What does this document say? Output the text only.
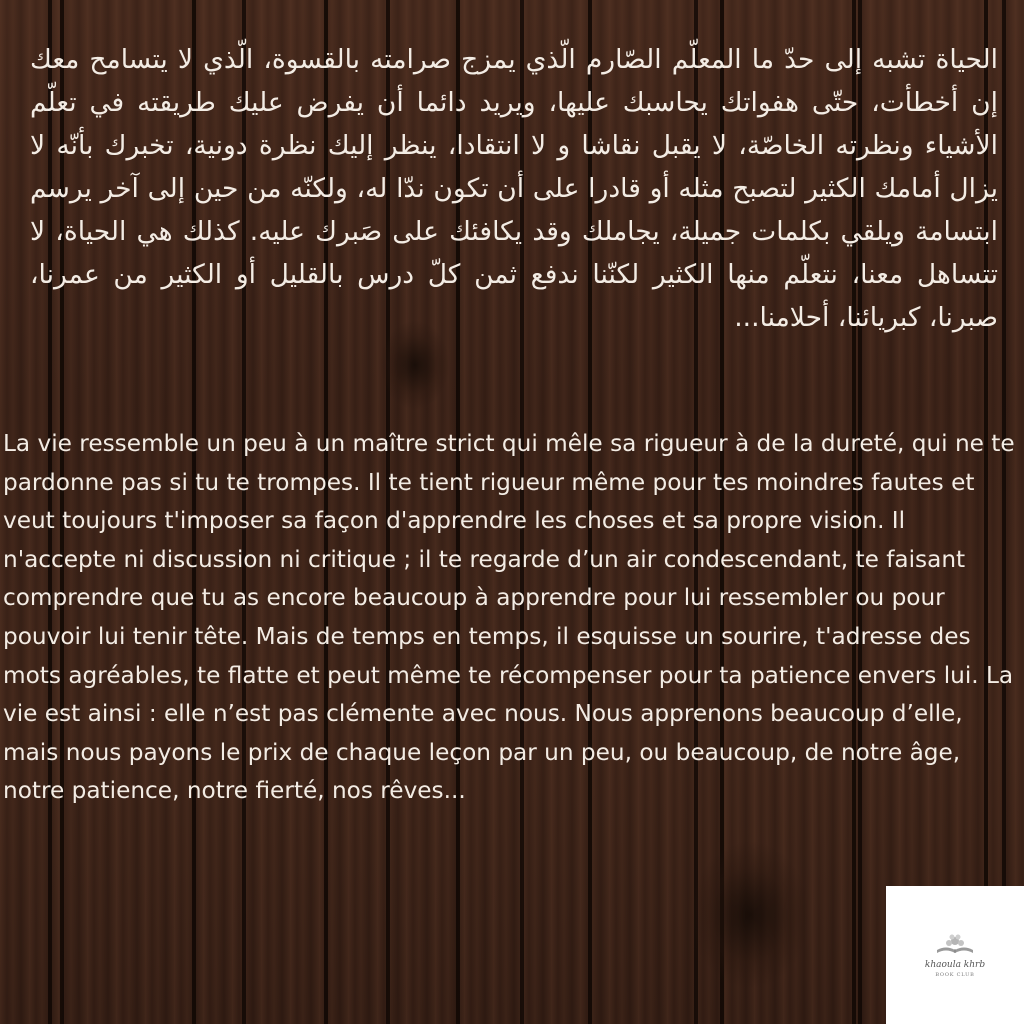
الحياة تشبه إلى حدّ ما المعلّم الصّارم الّذي يمزج صرامته بالقسوة، الّذي لا يتسامح معك إن أخطأت، حتّى هفواتك يحاسبك عليها، ويريد دائما أن يفرض عليك طريقته في تعلّم الأشياء ونظرته الخاصّة، لا يقبل نقاشا و لا انتقادا، ينظر إليك نظرة دونية، تخبرك بأنّه لا يزال أمامك الكثير لتصبح مثله أو قادرا على أن تكون ندّا له، ولكنّه من حين إلى آخر يرسم ابتسامة ويلقي بكلمات جميلة، يجاملك وقد يكافئك على صَبرك عليه. كذلك هي الحياة، لا تتساهل معنا، نتعلّم منها الكثير لكنّنا ندفع ثمن كلّ درس بالقليل أو الكثير من عمرنا، صبرنا، كبريائنا، أحلامنا...

La vie ressemble un peu à un maître strict qui mêle sa rigueur à de la dureté, qui ne te pardonne pas si tu te trompes. Il te tient rigueur même pour tes moindres fautes et veut toujours t'imposer sa façon d'apprendre les choses et sa propre vision. Il n'accepte ni discussion ni critique ; il te regarde d’un air condescendant, te faisant comprendre que tu as encore beaucoup à apprendre pour lui ressembler ou pour pouvoir lui tenir tête. Mais de temps en temps, il esquisse un sourire, t'adresse des mots agréables, te flatte et peut même te récompenser pour ta patience envers lui. La vie est ainsi : elle n’est pas clémente avec nous. Nous apprenons beaucoup d’elle, mais nous payons le prix de chaque leçon par un peu, ou beaucoup, de notre âge, notre patience, notre fierté, nos rêves...

khaoula khrb
BOOK CLUB
